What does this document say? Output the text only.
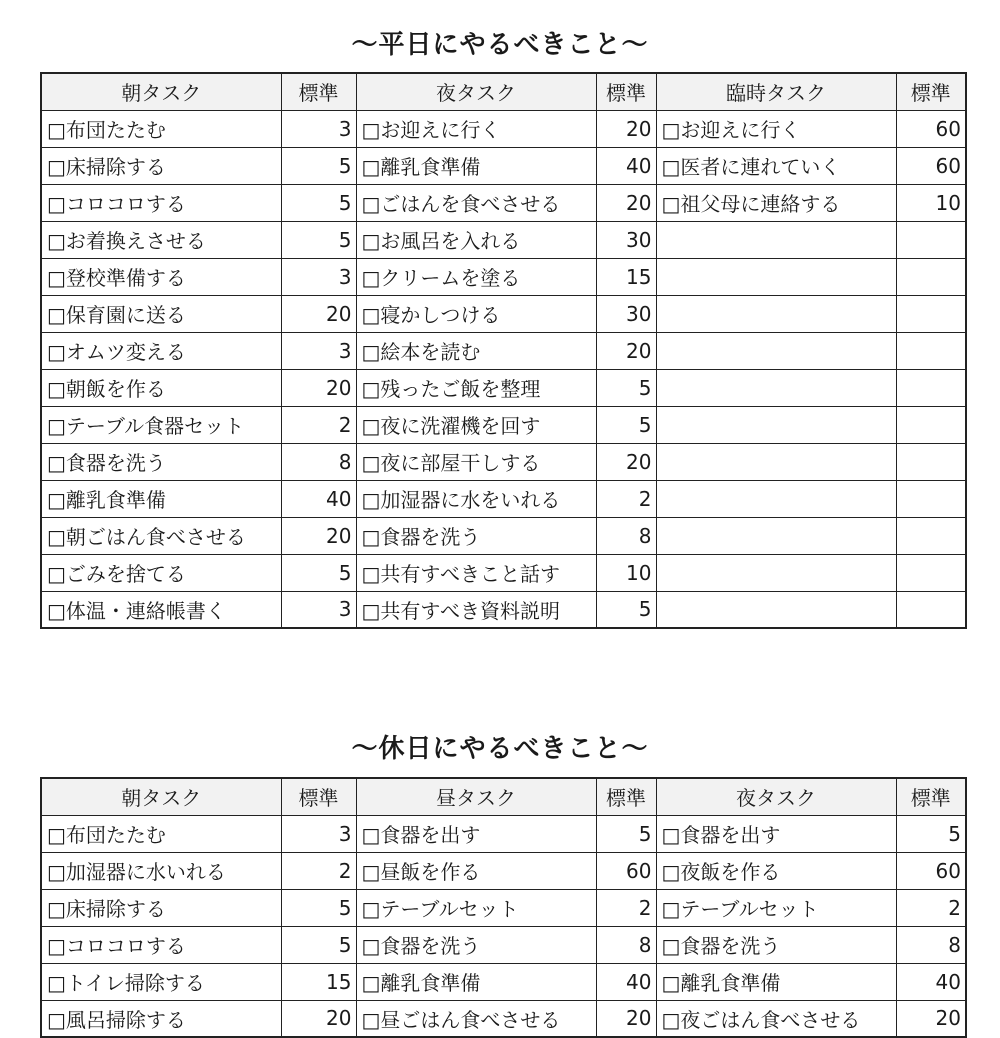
〜平日にやるべきこと〜
朝タスク	標準	夜タスク	標準	臨時タスク	標準
□布団たたむ	3	□お迎えに行く	20	□お迎えに行く	60
□床掃除する	5	□離乳食準備	40	□医者に連れていく	60
□コロコロする	5	□ごはんを食べさせる	20	□祖父母に連絡する	10
□お着換えさせる	5	□お風呂を入れる	30		
□登校準備する	3	□クリームを塗る	15		
□保育園に送る	20	□寝かしつける	30		
□オムツ変える	3	□絵本を読む	20		
□朝飯を作る	20	□残ったご飯を整理	5		
□テーブル食器セット	2	□夜に洗濯機を回す	5		
□食器を洗う	8	□夜に部屋干しする	20		
□離乳食準備	40	□加湿器に水をいれる	2		
□朝ごはん食べさせる	20	□食器を洗う	8		
□ごみを捨てる	5	□共有すべきこと話す	10		
□体温・連絡帳書く	3	□共有すべき資料説明	5		
〜休日にやるべきこと〜
朝タスク	標準	昼タスク	標準	夜タスク	標準
□布団たたむ	3	□食器を出す	5	□食器を出す	5
□加湿器に水いれる	2	□昼飯を作る	60	□夜飯を作る	60
□床掃除する	5	□テーブルセット	2	□テーブルセット	2
□コロコロする	5	□食器を洗う	8	□食器を洗う	8
□トイレ掃除する	15	□離乳食準備	40	□離乳食準備	40
□風呂掃除する	20	□昼ごはん食べさせる	20	□夜ごはん食べさせる	20
